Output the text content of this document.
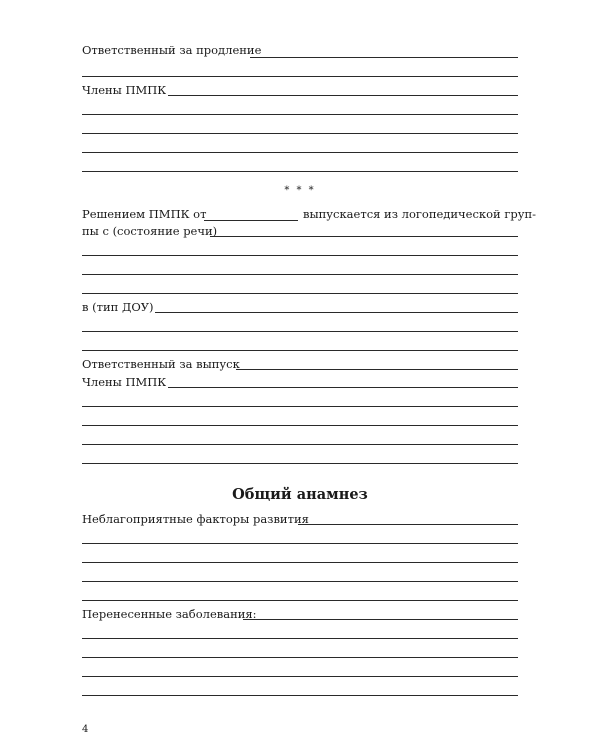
Ответственный за продление
Члены ПМПК
* * *
Решением ПМПК от	выпускается из логопедической груп-
пы с (состояние речи)
в (тип ДОУ)
Ответственный за выпуск
Члены ПМПК
Общий анамнез
Неблагоприятные факторы развития
Перенесенные заболевания:
4
